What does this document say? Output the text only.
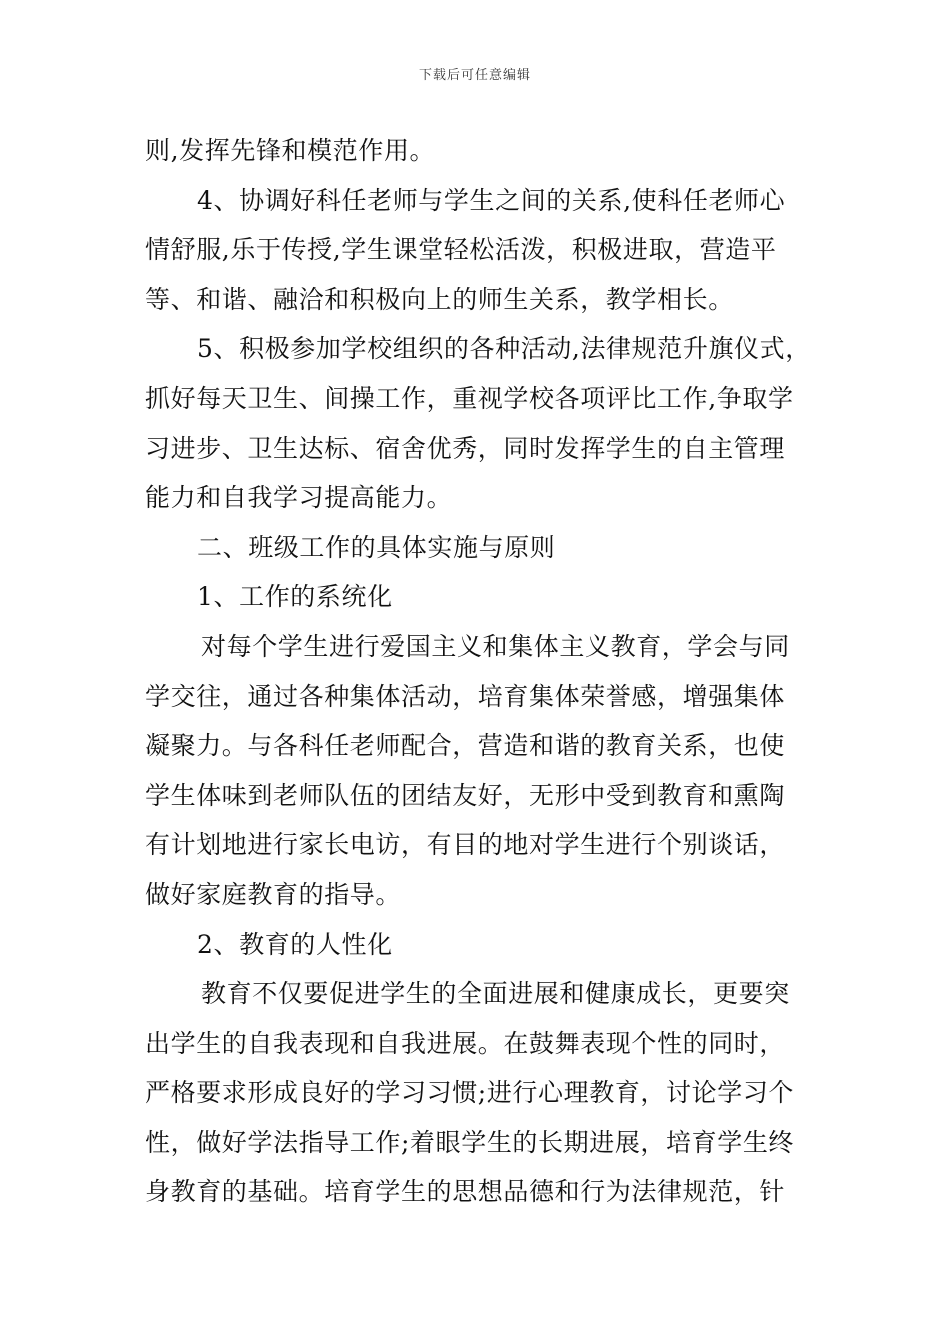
下载后可任意编辑
则,发挥先锋和模范作用。
4、协调好科任老师与学生之间的关系,使科任老师心
情舒服,乐于传授,学生课堂轻松活泼，积极进取，营造平
等、和谐、融洽和积极向上的师生关系，教学相长。
5、积极参加学校组织的各种活动,法律规范升旗仪式，
抓好每天卫生、间操工作，重视学校各项评比工作,争取学
习进步、卫生达标、宿舍优秀，同时发挥学生的自主管理
能力和自我学习提高能力。
二、班级工作的具体实施与原则
1、工作的系统化
对每个学生进行爱国主义和集体主义教育，学会与同
学交往，通过各种集体活动，培育集体荣誉感，增强集体
凝聚力。与各科任老师配合，营造和谐的教育关系，也使
学生体味到老师队伍的团结友好，无形中受到教育和熏陶
有计划地进行家长电访，有目的地对学生进行个别谈话，
做好家庭教育的指导。
2、教育的人性化
教育不仅要促进学生的全面进展和健康成长，更要突
出学生的自我表现和自我进展。在鼓舞表现个性的同时，
严格要求形成良好的学习习惯;进行心理教育，讨论学习个
性，做好学法指导工作;着眼学生的长期进展，培育学生终
身教育的基础。培育学生的思想品德和行为法律规范，针
